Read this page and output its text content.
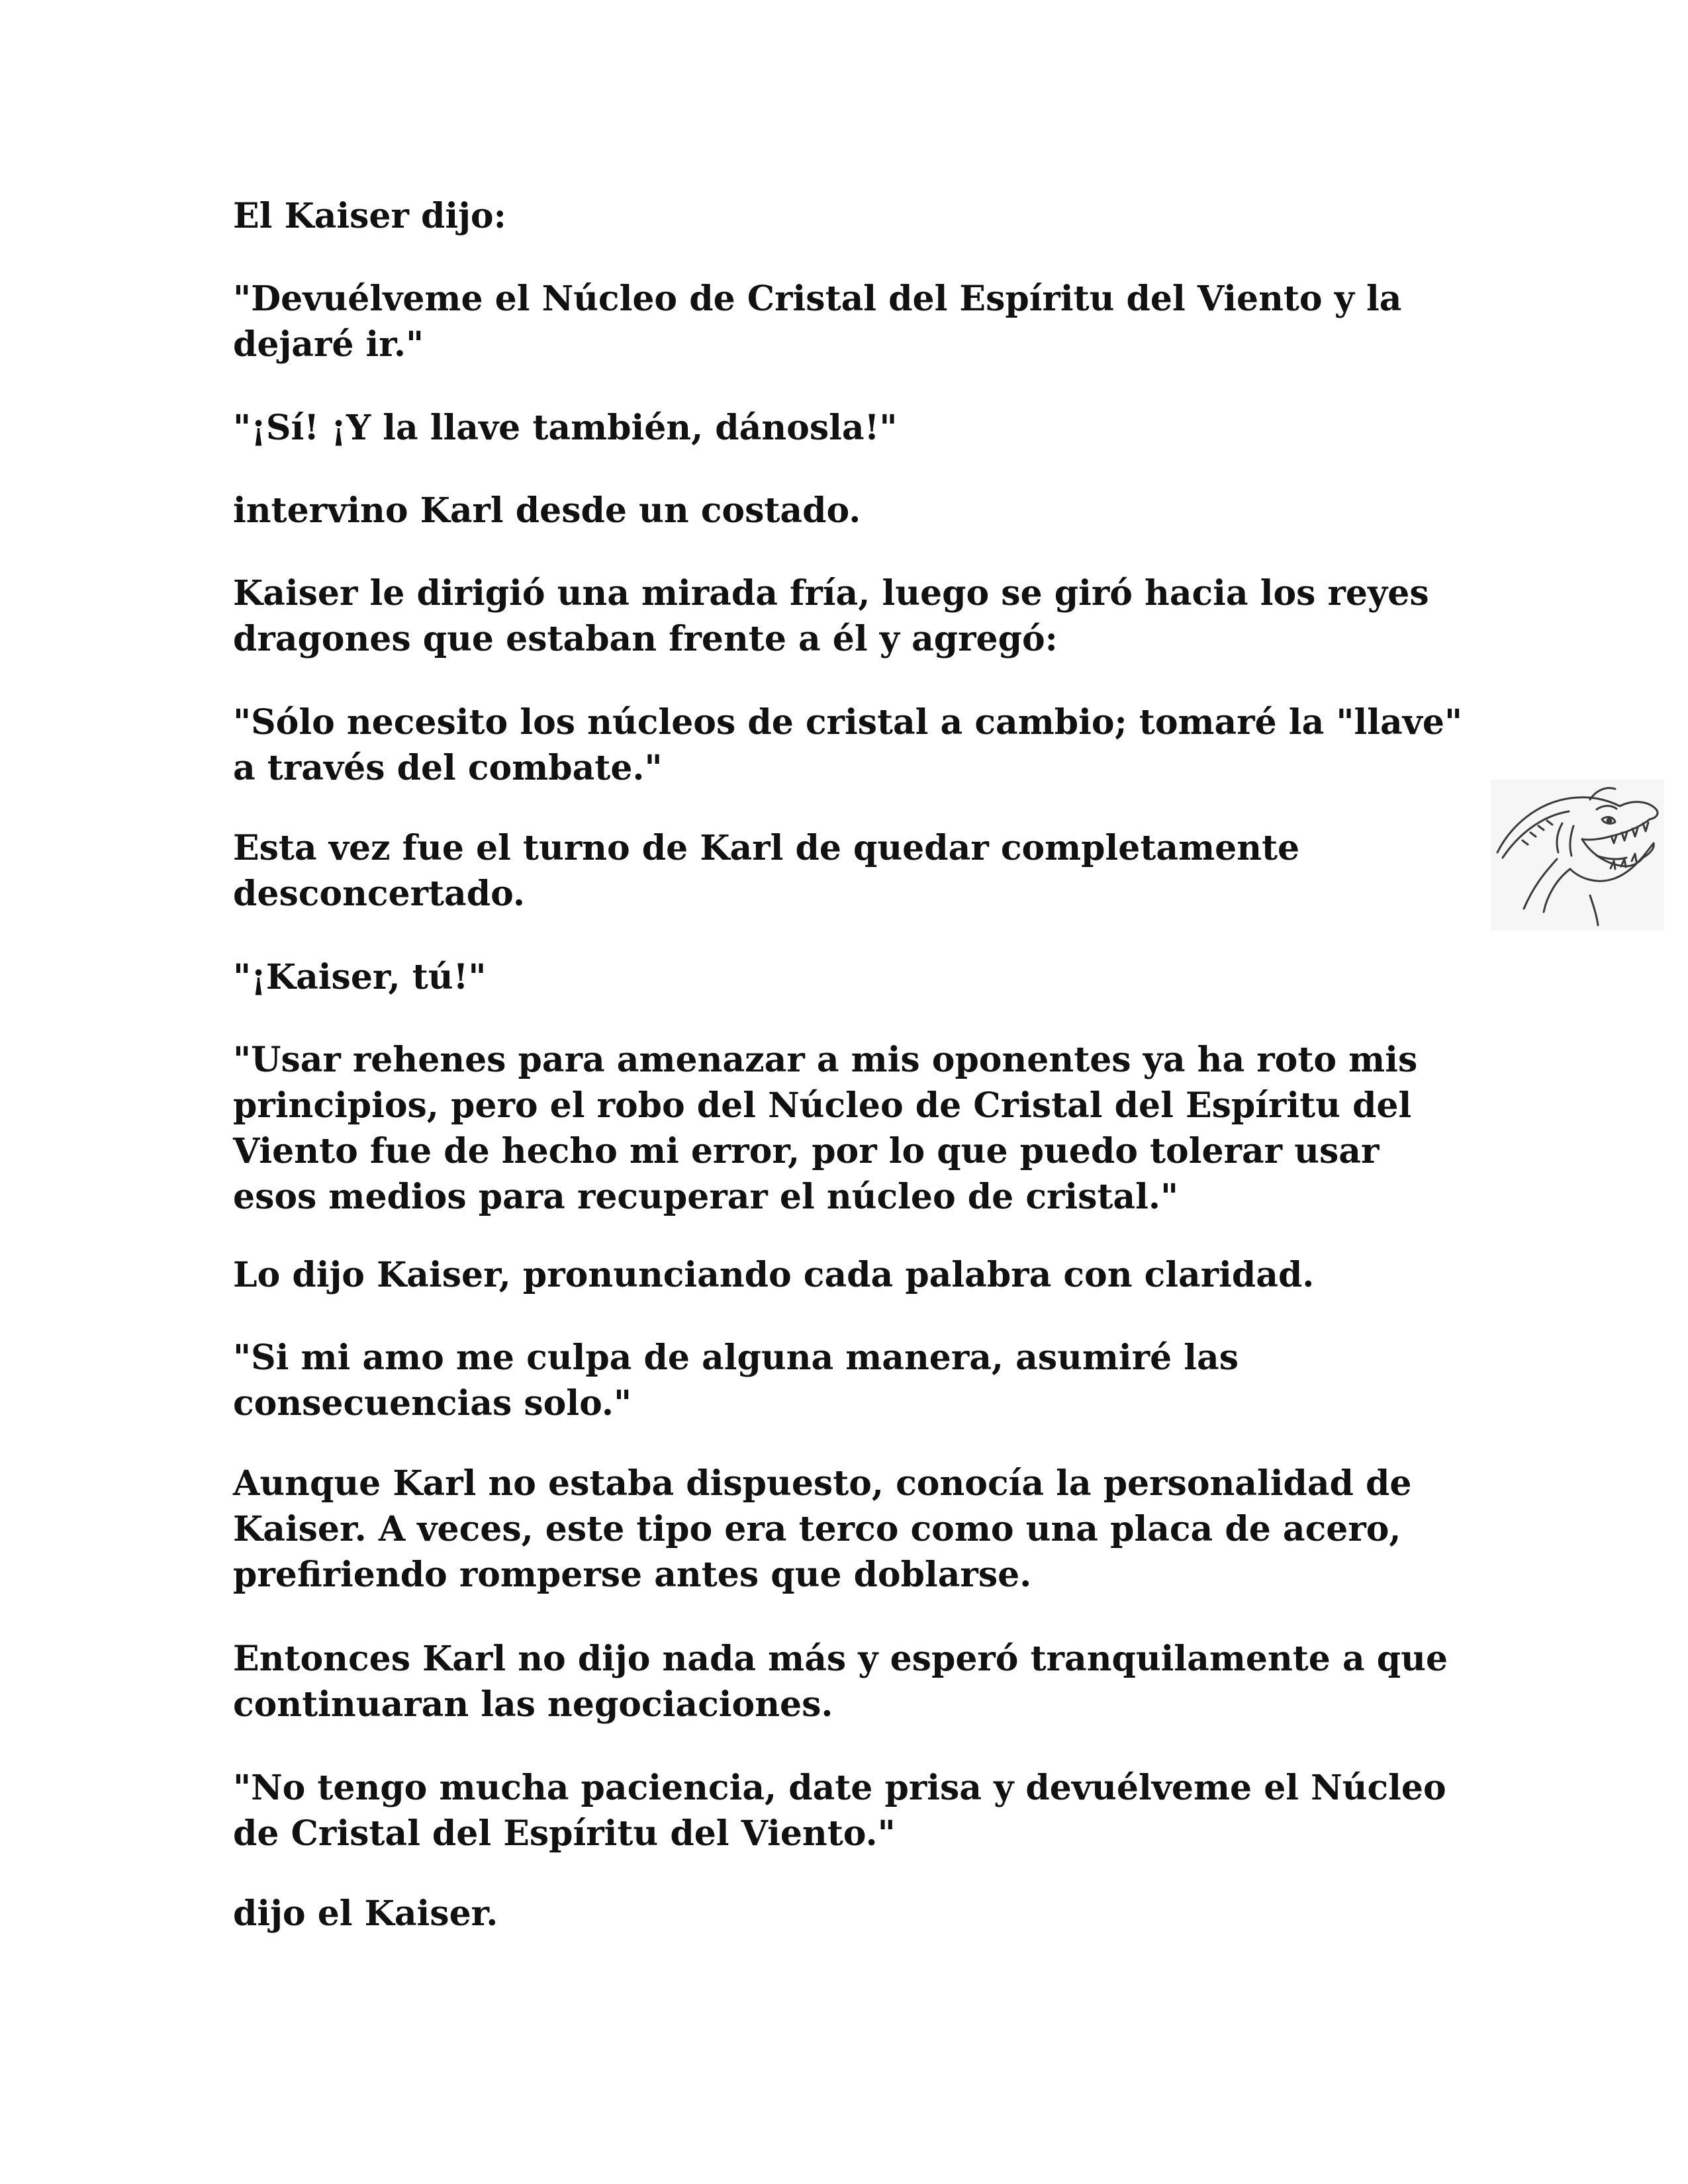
El Kaiser dijo:

"Devuélveme el Núcleo de Cristal del Espíritu del Viento y la
dejaré ir."

"¡Sí! ¡Y la llave también, dánosla!"

intervino Karl desde un costado.

Kaiser le dirigió una mirada fría, luego se giró hacia los reyes
dragones que estaban frente a él y agregó:

"Sólo necesito los núcleos de cristal a cambio; tomaré la "llave"
a través del combate."

Esta vez fue el turno de Karl de quedar completamente
desconcertado.

"¡Kaiser, tú!"

"Usar rehenes para amenazar a mis oponentes ya ha roto mis
principios, pero el robo del Núcleo de Cristal del Espíritu del
Viento fue de hecho mi error, por lo que puedo tolerar usar
esos medios para recuperar el núcleo de cristal."

Lo dijo Kaiser, pronunciando cada palabra con claridad.

"Si mi amo me culpa de alguna manera, asumiré las
consecuencias solo."

Aunque Karl no estaba dispuesto, conocía la personalidad de
Kaiser. A veces, este tipo era terco como una placa de acero,
prefiriendo romperse antes que doblarse.

Entonces Karl no dijo nada más y esperó tranquilamente a que
continuaran las negociaciones.

"No tengo mucha paciencia, date prisa y devuélveme el Núcleo
de Cristal del Espíritu del Viento."

dijo el Kaiser.
